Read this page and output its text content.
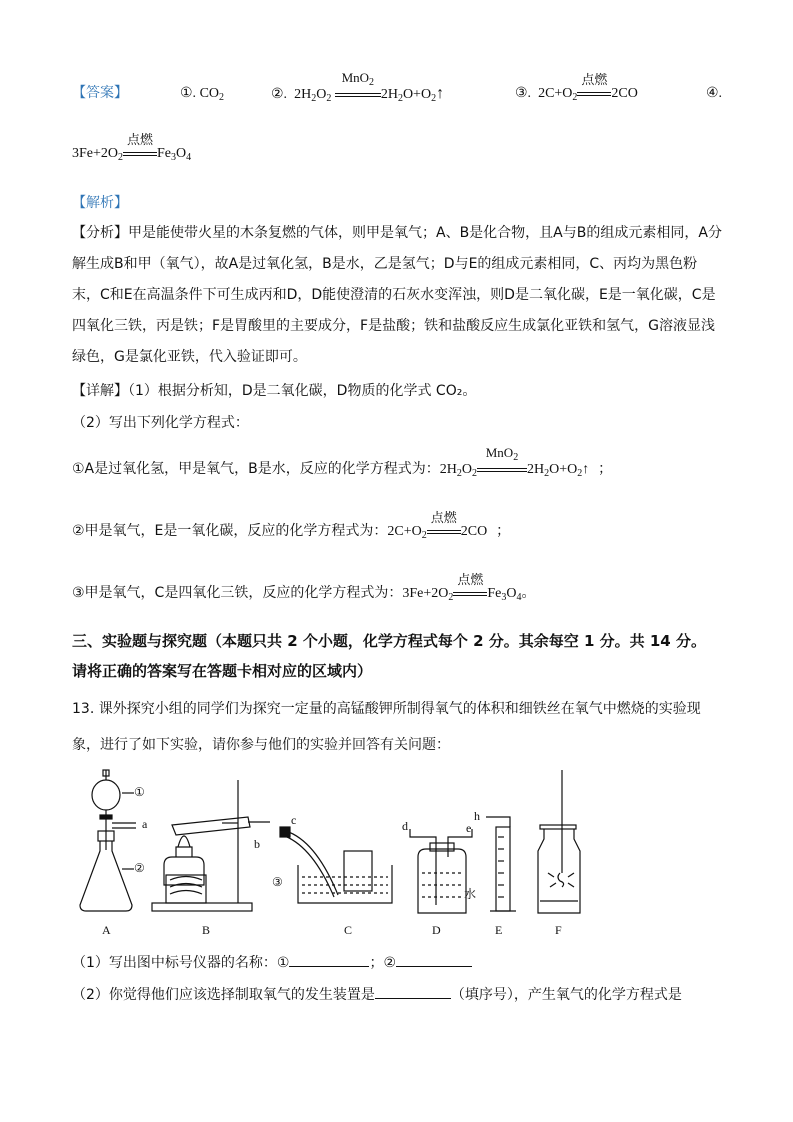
【答案】	①. $CO_2$	②. $2H_2O_2$
MnO$_2$
$2H_2O+O_2↑$	③. $2C+O_2$
点燃
2CO	④.
$3Fe+2O_2$
点燃
$Fe_3O_4$
【解析】
【分析】甲是能使带火星的木条复燃的气体，则甲是氧气；A、B是化合物，且A与B的组成元素相同，A分解生成B和甲（氧气），故A是过氧化氢，B是水，乙是氢气；D与E的组成元素相同，C、丙均为黑色粉末，C和E在高温条件下可生成丙和D，D能使澄清的石灰水变浑浊，则D是二氧化碳，E是一氧化碳，C是四氧化三铁，丙是铁；F是胃酸里的主要成分，F是盐酸；铁和盐酸反应生成氯化亚铁和氢气，G溶液显浅绿色，G是氯化亚铁，代入验证即可。
【详解】（1）根据分析知，D是二氧化碳，D物质的化学式 CO₂。
（2）写出下列化学方程式：
①A是过氧化氢，甲是氧气，B是水，反应的化学方程式为：$2H_2O_2$
MnO$_2$
$2H_2O+O_2↑$ ；
②甲是氧气，E是一氧化碳，反应的化学方程式为：$2C+O_2$
点燃
2CO ；
③甲是氧气，C是四氧化三铁，反应的化学方程式为：$3Fe+2O_2$
点燃
$Fe_3O_4$。
三、实验题与探究题（本题只共 2 个小题，化学方程式每个 2 分。其余每空 1 分。共 14 分。
请将正确的答案写在答题卡相对应的区域内）
13. 课外探究小组的同学们为探究一定量的高锰酸钾所制得氧气的体积和细铁丝在氧气中燃烧的实验现
象，进行了如下实验，请你参与他们的实验并回答有关问题：
①
②
a
b
c
③
d	e
h
水
A	B	C	D	E	F
（1）写出图中标号仪器的名称：①	；②
（2）你觉得他们应该选择制取氧气的发生装置是	（填序号），产生氧气的化学方程式是
